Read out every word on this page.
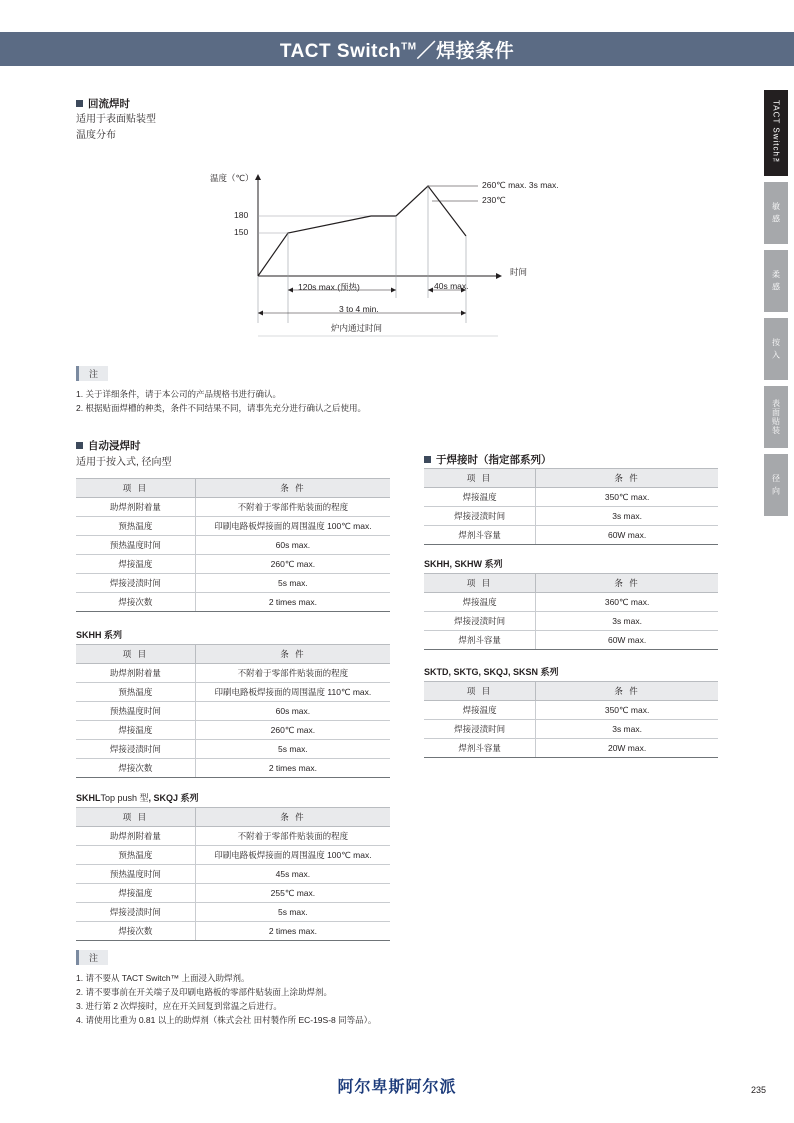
TACT Switch™／焊接条件
TACT Switch™
敏 感
柔 感
按 入
表面贴装
径 向
回流焊时
适用于表面贴装型
温度分布
温度（℃）
180
150
时间
260℃ max. 3s max.
230℃
120s max.(预热)	40s max.
3 to 4 min.
炉内通过时间
注
1. 关于详细条件，请于本公司的产品规格书进行确认。
2. 根据贴面焊槽的种类，条件不同结果不同，请事先充分进行确认之后使用。
自动浸焊时
适用于按入式, 径向型
项 目	条 件
助焊剂附着量	不附着于零部件贴装面的程度
预热温度	印刷电路板焊接面的周围温度 100℃ max.
预热温度时间	60s max.
焊接温度	260℃ max.
焊接浸渍时间	5s max.
焊接次数	2 times max.
SKHH 系列
项 目	条 件
助焊剂附着量	不附着于零部件贴装面的程度
预热温度	印刷电路板焊接面的周围温度 110℃ max.
预热温度时间	60s max.
焊接温度	260℃ max.
焊接浸渍时间	5s max.
焊接次数	2 times max.
SKHLTop push 型, SKQJ 系列
项 目	条 件
助焊剂附着量	不附着于零部件贴装面的程度
预热温度	印刷电路板焊接面的周围温度 100℃ max.
预热温度时间	45s max.
焊接温度	255℃ max.
焊接浸渍时间	5s max.
焊接次数	2 times max.
注
1. 请不要从 TACT Switch™ 上面浸入助焊剂。
2. 请不要事前在开关端子及印刷电路板的零部件贴装面上涂助焊剂。
3. 进行第 2 次焊接时，应在开关回复到常温之后进行。
4. 请使用比重为 0.81 以上的助焊剂（株式会社 田村製作所 EC-19S-8 同等品）。
于焊接时（指定部系列）
项 目	条 件
焊接温度	350℃ max.
焊接浸渍时间	3s max.
焊剂斗容量	60W max.
SKHH, SKHW 系列
项 目	条 件
焊接温度	360℃ max.
焊接浸渍时间	3s max.
焊剂斗容量	60W max.
SKTD, SKTG, SKQJ, SKSN 系列
项 目	条 件
焊接温度	350℃ max.
焊接浸渍时间	3s max.
焊剂斗容量	20W max.
阿尔卑斯阿尔派	235
